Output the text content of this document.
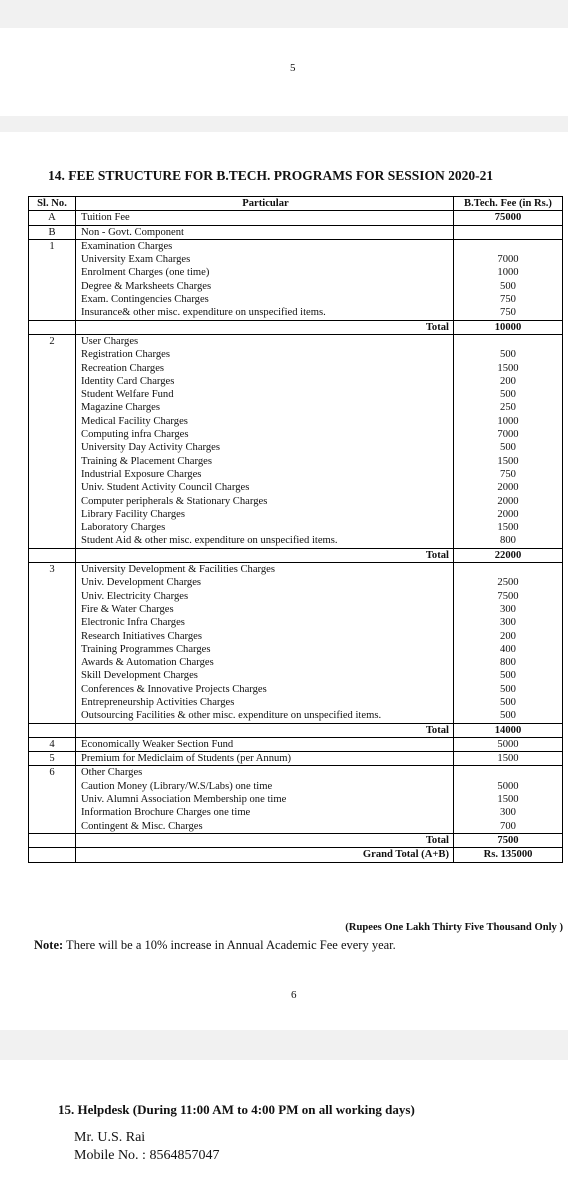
5
14. FEE STRUCTURE FOR B.TECH. PROGRAMS FOR SESSION 2020-21
Sl. No.	Particular	B.Tech. Fee (in Rs.)
A	Tuition Fee	75000
B	Non - Govt. Component	
1	Examination Charges	
	University Exam Charges	7000
	Enrolment Charges (one time)	1000
	Degree & Marksheets Charges	500
	Exam. Contingencies Charges	750
	Insurance& other misc. expenditure on unspecified items.	750
	Total	10000
2	User Charges	
	Registration Charges	500
	Recreation Charges	1500
	Identity Card Charges	200
	Student Welfare Fund	500
	Magazine Charges	250
	Medical Facility Charges	1000
	Computing infra Charges	7000
	University Day Activity Charges	500
	Training & Placement Charges	1500
	Industrial Exposure Charges	750
	Univ. Student Activity Council Charges	2000
	Computer peripherals & Stationary Charges	2000
	Library Facility Charges	2000
	Laboratory Charges	1500
	Student Aid & other misc. expenditure on unspecified items.	800
	Total	22000
3	University Development & Facilities Charges	
	Univ. Development Charges	2500
	Univ. Electricity Charges	7500
	Fire & Water Charges	300
	Electronic Infra Charges	300
	Research Initiatives Charges	200
	Training Programmes Charges	400
	Awards & Automation Charges	800
	Skill Development Charges	500
	Conferences & Innovative Projects Charges	500
	Entrepreneurship Activities Charges	500
	Outsourcing Facilities & other misc. expenditure on unspecified items.	500
	Total	14000
4	Economically Weaker Section Fund	5000
5	Premium for Mediclaim of Students (per Annum)	1500
6	Other Charges	
	Caution Money (Library/W.S/Labs) one time	5000
	Univ. Alumni Association Membership one time	1500
	Information Brochure Charges one time	300
	Contingent & Misc. Charges	700
	Total	7500
	Grand Total (A+B)	Rs. 135000
(Rupees One Lakh Thirty Five Thousand Only )
Note: There will be a 10% increase in Annual Academic Fee every year.
6
15. Helpdesk (During 11:00 AM to 4:00 PM on all working days)
Mr. U.S. Rai
Mobile No. : 8564857047
